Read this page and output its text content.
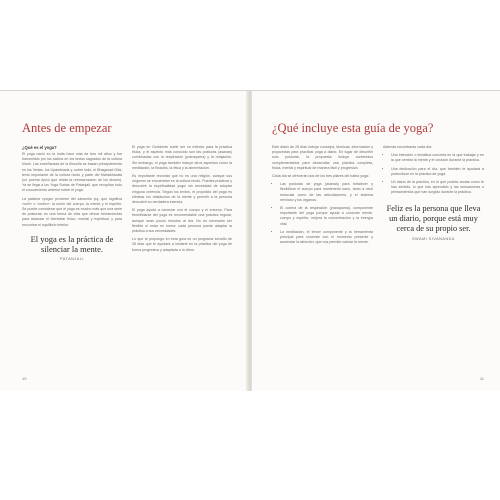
Antes de empezar
¿Qué es el yoga?

El yoga nació en la India hace más de tres mil años y fue transmitido por los sabios en los textos sagrados de la cultura hindú. Las enseñanzas de la filosofía se basan principalmente en los Vedas, los Upanishads y, sobre todo, el Bhagavad Gita, texto importante de la cultura hindú y parte del Mahabharata (un poema épico que relata la reencarnación de los dioses). Ya se llega a los Yoga Sutras de Patanjali, que recopilan todo el conocimiento anterior sobre el yoga.

La palabra «yoga» proviene del sánscrito yuj, que significa «unir» o «unión»: la unión del cuerpo, la mente y el espíritu. Se puede considerar que el yoga es mucho más que una serie de posturas; es una forma de vida que ofrece herramientas para alcanzar el bienestar físico, mental y espiritual, y para encontrar el equilibrio interior.

El yoga es la práctica de silenciar la mente.
PATANJALI

El yoga en Occidente suele ser un método para la práctica física, y el aspecto más conocido son las posturas (asanas) combinadas con la respiración (pranayama) y la relajación. Sin embargo, el yoga también incluye otros aspectos como la meditación, la filosofía, la ética y la alimentación.

Es importante recordar que no es una religión, aunque sus orígenes se encuentran en la cultura hindú. Puedes practicar y descubrir la espiritualidad yogui sin necesidad de adoptar ninguna creencia. Según los textos, el propósito del yoga es eliminar los obstáculos de la mente y permitir a la persona descubrir su verdadera esencia.

El yoga ayuda a conectar con el cuerpo y el entorno. Para beneficiarse del yoga es recomendable una práctica regular, aunque sean pocos minutos al día. No es necesario ser flexible ni estar en forma: cada persona puede adaptar la práctica a sus necesidades.

Lo que te propongo en esta guía es un programa sencillo de 28 días que te ayudará a iniciarte en la práctica del yoga de forma progresiva y adaptada a tu ritmo.

10
¿Qué incluye esta guía de yoga?

Este diario de 28 días incluye consejos, técnicas, información y propuestas para practicar yoga a diario. En lugar de describir solo posturas, la propuesta incluye contenidos complementarios para desarrollar una práctica completa, física, mental y espiritual de manera fácil y progresiva.

Cada día se ofrecerán dos de los tres pilares del hatha yoga:

• Las posturas de yoga (asanas) para fortalecer y flexibilizar el cuerpo para mantenerlo sano, tanto a nivel muscular como de las articulaciones, y el sistema nervioso y los órganos.
• El control de la respiración (pranayama), componente importante del yoga porque ayuda a conectar mente, cuerpo y espíritu; mejora la concentración y la energía vital.
• La meditación, el tercer componente y la herramienta principal para conectar con el momento presente y aumentar la atención, que nos permite calmar la mente.

Además encontrarás cada día:

• Una intención o temática concreta en la que trabajar y en la que centrar la mente y el corazón durante la práctica.
• Una dedicación para el día, que también te ayudará a profundizar en la práctica de yoga.
• Un diario de la práctica, en el que podrás anotar cómo te has sentido, lo que has aprendido y las sensaciones o pensamientos que han surgido durante la práctica.
Feliz es la persona que lleva un diario, porque está muy cerca de su propio ser.
SWAMI SIVANANDA
11
